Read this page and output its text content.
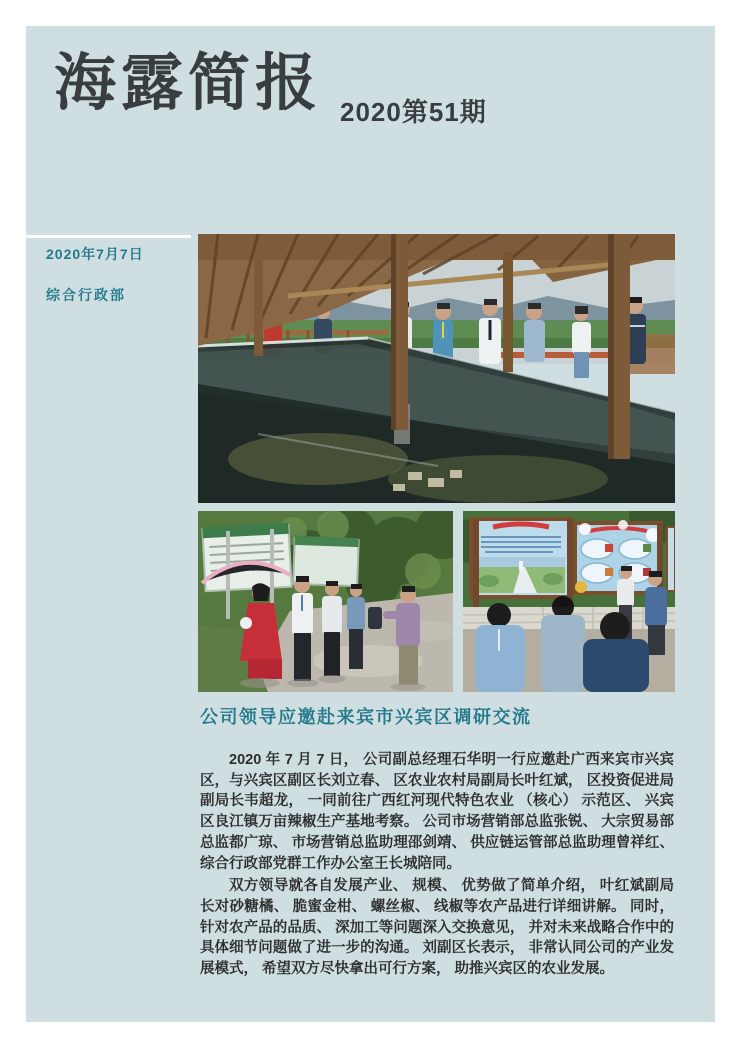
海露简报 2020第51期
2020年7月7日
综合行政部
公司领导应邀赴来宾市兴宾区调研交流

2020 年 7 月 7 日， 公司副总经理石华明一行应邀赴广西来宾市兴宾区，与兴宾区副区长刘立春、 区农业农村局副局长叶红斌， 区投资促进局副局长韦超龙， 一同前往广西红河现代特色农业 （核心） 示范区、 兴宾区良江镇万亩辣椒生产基地考察。 公司市场营销部总监张锐、 大宗贸易部总监都广琼、 市场营销总监助理邵剑靖、 供应链运管部总监助理曾祥红、 综合行政部党群工作办公室王长城陪同。

双方领导就各自发展产业、 规模、 优势做了简单介绍， 叶红斌副局长对砂糖橘、 脆蜜金柑、 螺丝椒、 线椒等农产品进行详细讲解。 同时， 针对农产品的品质、 深加工等问题深入交换意见， 并对未来战略合作中的具体细节问题做了进一步的沟通。 刘副区长表示， 非常认同公司的产业发展模式， 希望双方尽快拿出可行方案， 助推兴宾区的农业发展。
